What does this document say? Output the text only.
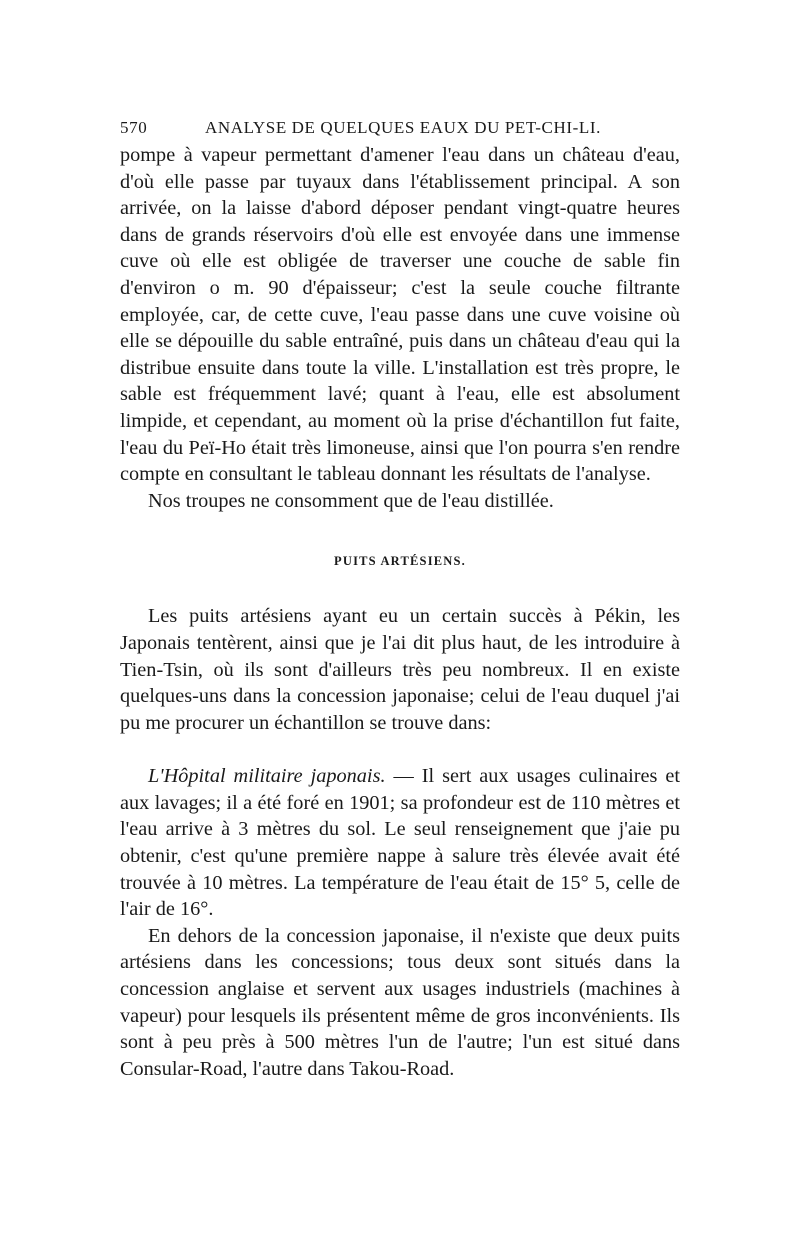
570	ANALYSE DE QUELQUES EAUX DU PET-CHI-LI.

pompe à vapeur permettant d'amener l'eau dans un château d'eau, d'où elle passe par tuyaux dans l'établissement principal. A son arrivée, on la laisse d'abord déposer pendant vingt-quatre heures dans de grands réservoirs d'où elle est envoyée dans une immense cuve où elle est obligée de traverser une couche de sable fin d'environ o m. 90 d'épaisseur; c'est la seule couche filtrante employée, car, de cette cuve, l'eau passe dans une cuve voisine où elle se dépouille du sable entraîné, puis dans un château d'eau qui la distribue ensuite dans toute la ville. L'installation est très propre, le sable est fréquemment lavé; quant à l'eau, elle est absolument limpide, et cependant, au moment où la prise d'échantillon fut faite, l'eau du Peï-Ho était très limoneuse, ainsi que l'on pourra s'en rendre compte en consultant le tableau donnant les résultats de l'analyse.

Nos troupes ne consomment que de l'eau distillée.

PUITS ARTÉSIENS.

Les puits artésiens ayant eu un certain succès à Pékin, les Japonais tentèrent, ainsi que je l'ai dit plus haut, de les introduire à Tien-Tsin, où ils sont d'ailleurs très peu nombreux. Il en existe quelques-uns dans la concession japonaise; celui de l'eau duquel j'ai pu me procurer un échantillon se trouve dans:

L'Hôpital militaire japonais. — Il sert aux usages culinaires et aux lavages; il a été foré en 1901; sa profondeur est de 110 mètres et l'eau arrive à 3 mètres du sol. Le seul renseignement que j'aie pu obtenir, c'est qu'une première nappe à salure très élevée avait été trouvée à 10 mètres. La température de l'eau était de 15° 5, celle de l'air de 16°.

En dehors de la concession japonaise, il n'existe que deux puits artésiens dans les concessions; tous deux sont situés dans la concession anglaise et servent aux usages industriels (machines à vapeur) pour lesquels ils présentent même de gros inconvénients. Ils sont à peu près à 500 mètres l'un de l'autre; l'un est situé dans Consular-Road, l'autre dans Takou-Road.
